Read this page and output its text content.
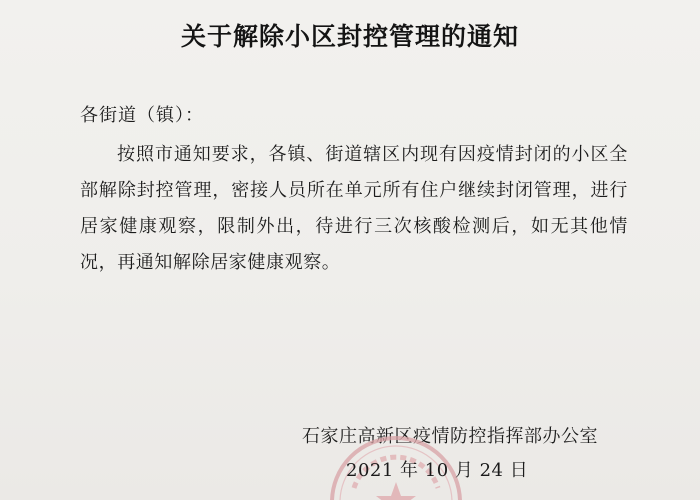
关于解除小区封控管理的通知

各街道（镇）：

按照市通知要求，各镇、街道辖区内现有因疫情封闭的小区全部解除封控管理，密接人员所在单元所有住户继续封闭管理，进行居家健康观察，限制外出，待进行三次核酸检测后，如无其他情况，再通知解除居家健康观察。

石家庄高新区疫情防控指挥部办公室

2021 年 10 月 24 日
